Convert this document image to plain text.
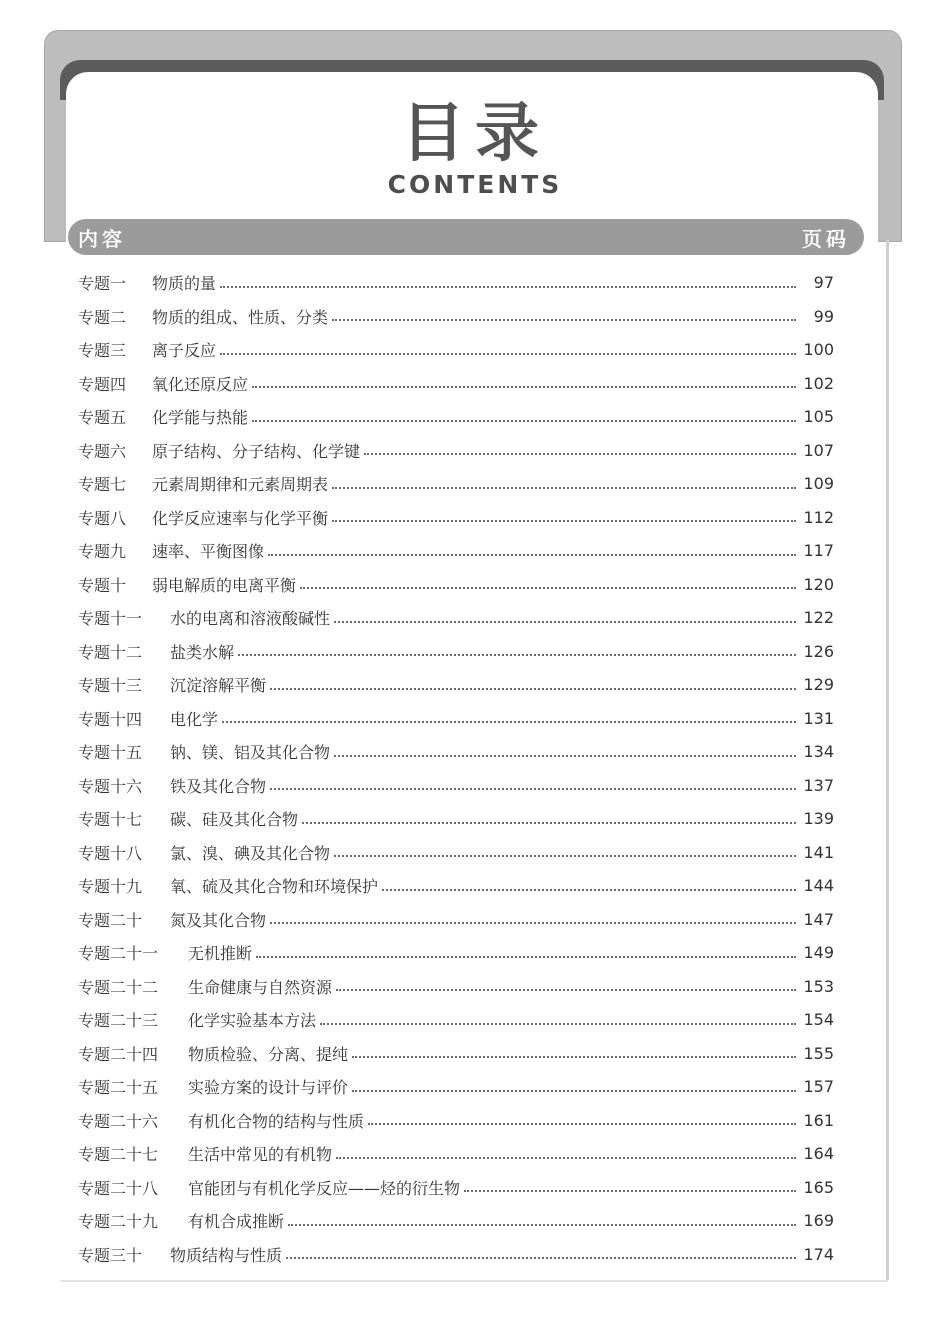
目录
CONTENTS
内容	页码
专题一	物质的量	97
专题二	物质的组成、性质、分类	99
专题三	离子反应	100
专题四	氧化还原反应	102
专题五	化学能与热能	105
专题六	原子结构、分子结构、化学键	107
专题七	元素周期律和元素周期表	109
专题八	化学反应速率与化学平衡	112
专题九	速率、平衡图像	117
专题十	弱电解质的电离平衡	120
专题十一	水的电离和溶液酸碱性	122
专题十二	盐类水解	126
专题十三	沉淀溶解平衡	129
专题十四	电化学	131
专题十五	钠、镁、铝及其化合物	134
专题十六	铁及其化合物	137
专题十七	碳、硅及其化合物	139
专题十八	氯、溴、碘及其化合物	141
专题十九	氧、硫及其化合物和环境保护	144
专题二十	氮及其化合物	147
专题二十一	无机推断	149
专题二十二	生命健康与自然资源	153
专题二十三	化学实验基本方法	154
专题二十四	物质检验、分离、提纯	155
专题二十五	实验方案的设计与评价	157
专题二十六	有机化合物的结构与性质	161
专题二十七	生活中常见的有机物	164
专题二十八	官能团与有机化学反应——烃的衍生物	165
专题二十九	有机合成推断	169
专题三十	物质结构与性质	174
